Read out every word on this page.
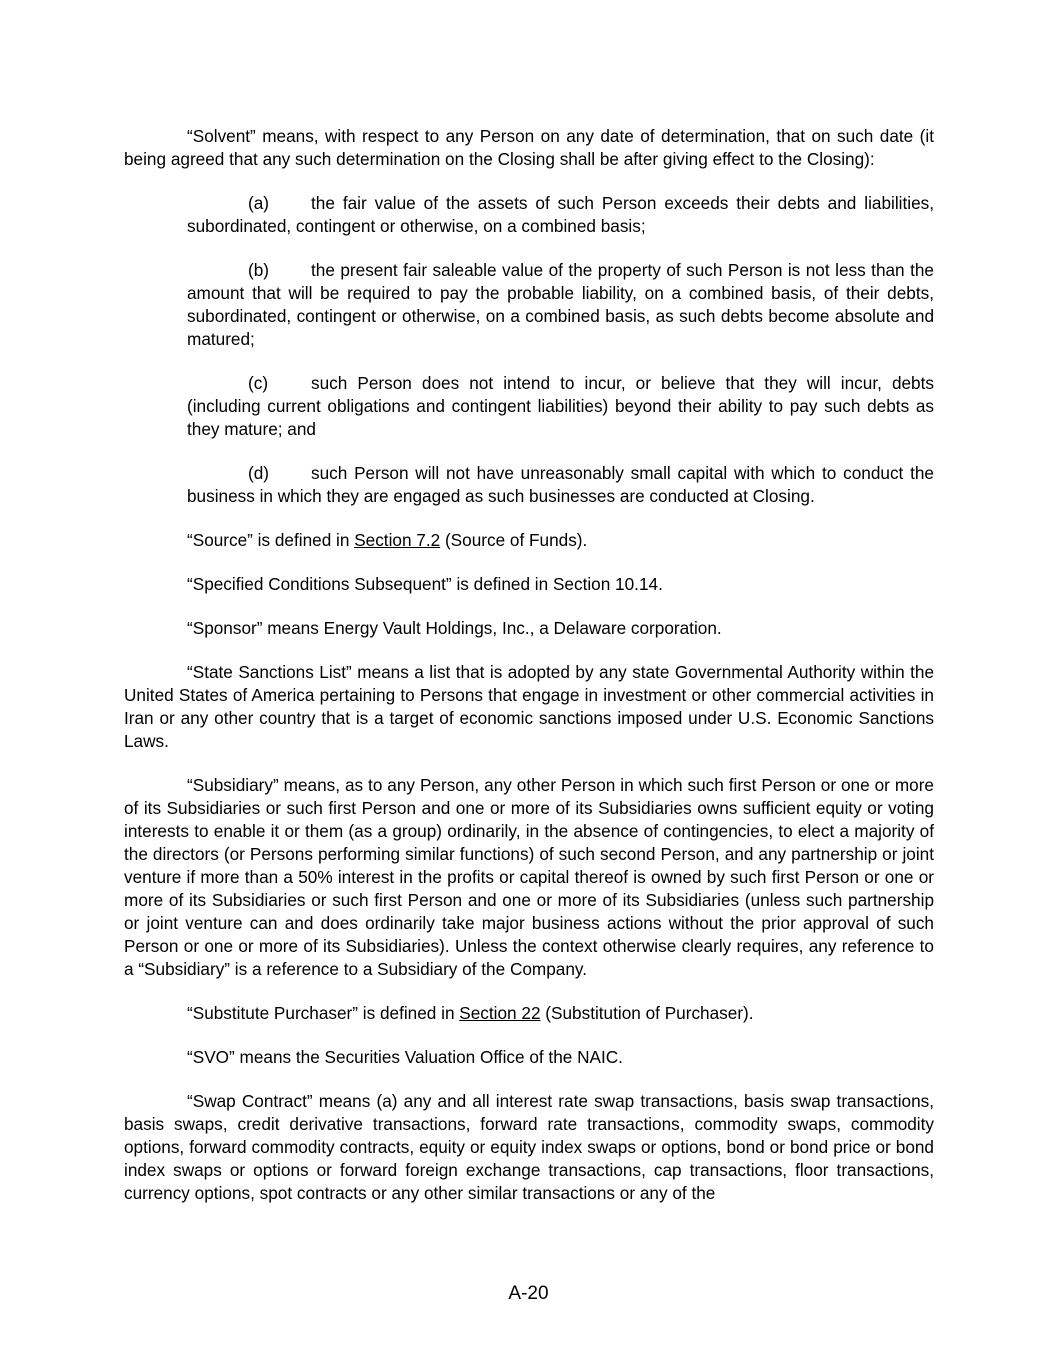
“Solvent” means, with respect to any Person on any date of determination, that on such date (it being agreed that any such determination on the Closing shall be after giving effect to the Closing):

(a) the fair value of the assets of such Person exceeds their debts and liabilities, subordinated, contingent or otherwise, on a combined basis;

(b) the present fair saleable value of the property of such Person is not less than the amount that will be required to pay the probable liability, on a combined basis, of their debts, subordinated, contingent or otherwise, on a combined basis, as such debts become absolute and matured;

(c) such Person does not intend to incur, or believe that they will incur, debts (including current obligations and contingent liabilities) beyond their ability to pay such debts as they mature; and

(d) such Person will not have unreasonably small capital with which to conduct the business in which they are engaged as such businesses are conducted at Closing.

“Source” is defined in Section 7.2 (Source of Funds).

“Specified Conditions Subsequent” is defined in Section 10.14.

“Sponsor” means Energy Vault Holdings, Inc., a Delaware corporation.

“State Sanctions List” means a list that is adopted by any state Governmental Authority within the United States of America pertaining to Persons that engage in investment or other commercial activities in Iran or any other country that is a target of economic sanctions imposed under U.S. Economic Sanctions Laws.

“Subsidiary” means, as to any Person, any other Person in which such first Person or one or more of its Subsidiaries or such first Person and one or more of its Subsidiaries owns sufficient equity or voting interests to enable it or them (as a group) ordinarily, in the absence of contingencies, to elect a majority of the directors (or Persons performing similar functions) of such second Person, and any partnership or joint venture if more than a 50% interest in the profits or capital thereof is owned by such first Person or one or more of its Subsidiaries or such first Person and one or more of its Subsidiaries (unless such partnership or joint venture can and does ordinarily take major business actions without the prior approval of such Person or one or more of its Subsidiaries). Unless the context otherwise clearly requires, any reference to a “Subsidiary” is a reference to a Subsidiary of the Company.

“Substitute Purchaser” is defined in Section 22 (Substitution of Purchaser).

“SVO” means the Securities Valuation Office of the NAIC.

“Swap Contract” means (a) any and all interest rate swap transactions, basis swap transactions, basis swaps, credit derivative transactions, forward rate transactions, commodity swaps, commodity options, forward commodity contracts, equity or equity index swaps or options, bond or bond price or bond index swaps or options or forward foreign exchange transactions, cap transactions, floor transactions, currency options, spot contracts or any other similar transactions or any of the

A-20
